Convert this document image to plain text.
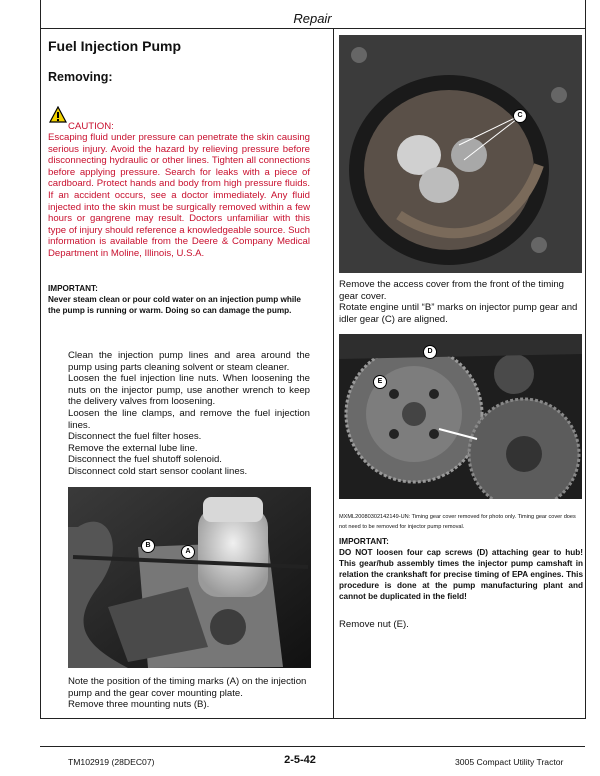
Repair
Fuel Injection Pump
Removing:
CAUTION:
Escaping fluid under pressure can penetrate the skin causing serious injury. Avoid the hazard by relieving pressure before disconnecting hydraulic or other lines. Tighten all connections before applying pressure. Search for leaks with a piece of cardboard. Protect hands and body from high pressure fluids. If an accident occurs, see a doctor immediately. Any fluid injected into the skin must be surgically removed within a few hours or gangrene may result. Doctors unfamiliar with this type of injury should reference a knowledgeable source. Such information is available from the Deere & Company Medical Department in Moline, Illinois, U.S.A.
IMPORTANT:
Never steam clean or pour cold water on an injection pump while the pump is running or warm. Doing so can damage the pump.
Clean the injection pump lines and area around the pump using parts cleaning solvent or steam cleaner.
Loosen the fuel injection line nuts. When loosening the nuts on the injector pump, use another wrench to keep the delivery valves from loosening.
Loosen the line clamps, and remove the fuel injection lines.
Disconnect the fuel filter hoses.
Remove the external lube line.
Disconnect the fuel shutoff solenoid.
Disconnect cold start sensor coolant lines.
B
A
Note the position of the timing marks (A) on the injection pump and the gear cover mounting plate.
Remove three mounting nuts (B).
C
Remove the access cover from the front of the timing gear cover.
Rotate engine until “B” marks on injector pump gear and idler gear (C) are aligned.
D
E
MXML20080302142149-UN: Timing gear cover removed for photo only. Timing gear cover does not need to be removed for injector pump removal.
IMPORTANT:
DO NOT loosen four cap screws (D) attaching gear to hub! This gear/hub assembly times the injector pump camshaft in relation the crankshaft for precise timing of EPA engines. This procedure is done at the pump manufacturing plant and cannot be duplicated in the field!
Remove nut (E).
TM102919 (28DEC07)	2-5-42	3005 Compact Utility Tractor
